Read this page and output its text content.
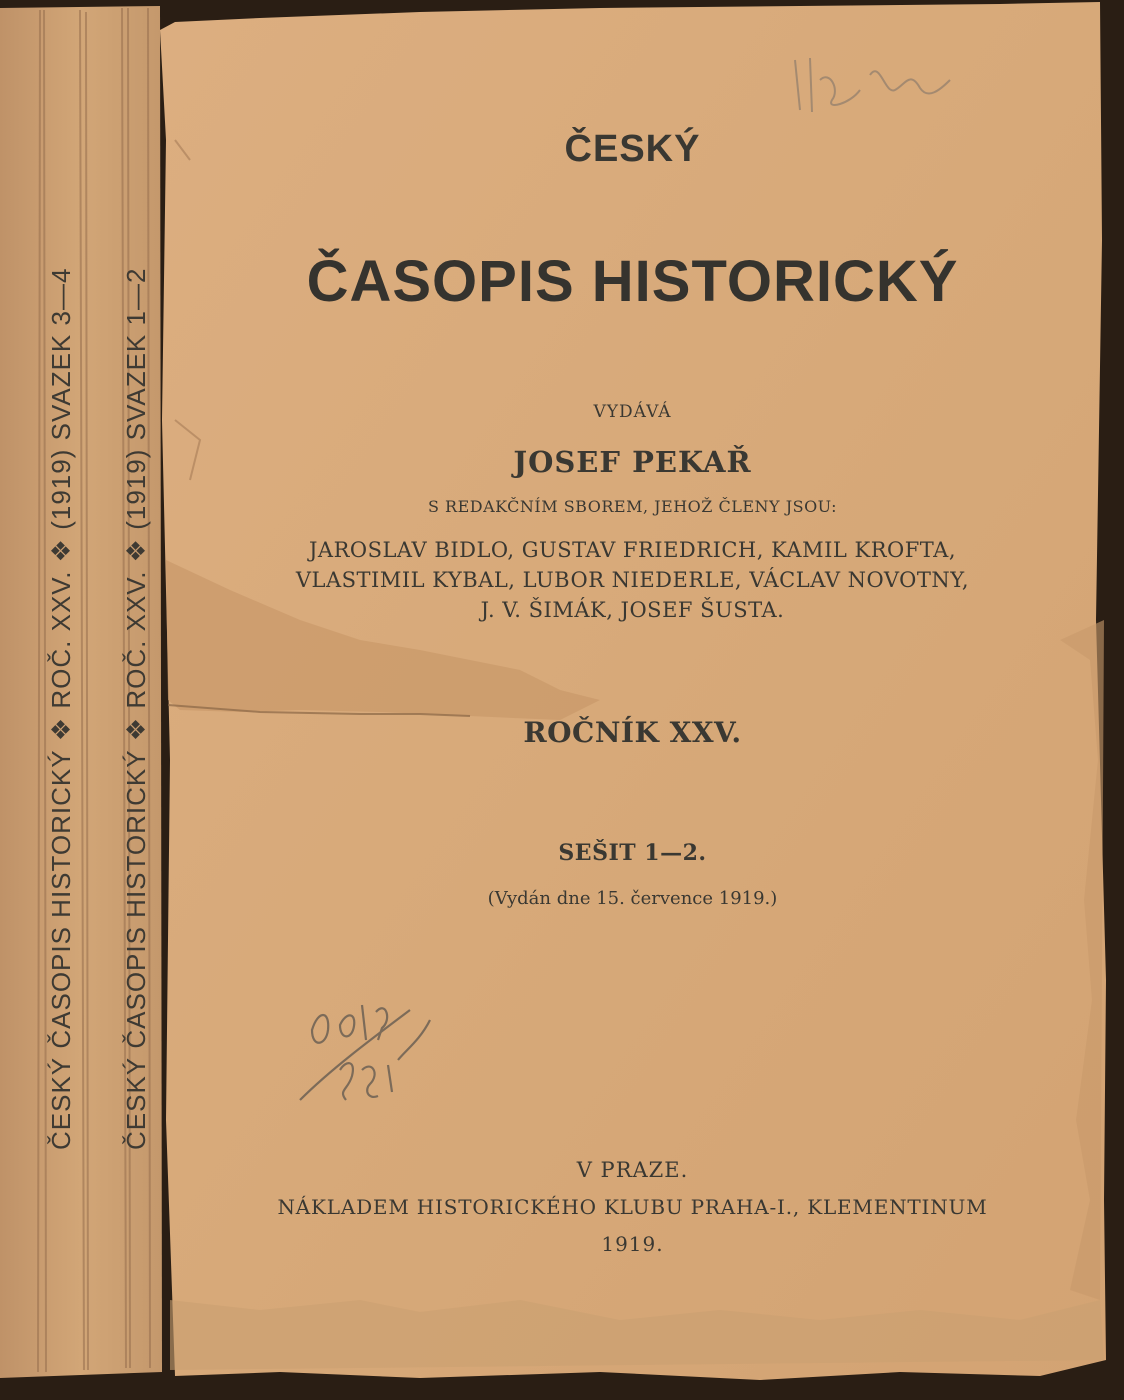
ČESKÝ ČASOPIS HISTORICKÝ ❖ ROČ. XXV. ❖ (1919) SVAZEK 3—4 ČESKÝ ČASOPIS HISTORICKÝ ❖ ROČ. XXV. ❖ (1919) SVAZEK 1—2
ČESKÝ
ČASOPIS HISTORICKÝ
VYDÁVÁ
JOSEF PEKAŘ
S REDAKČNÍM SBOREM, JEHOŽ ČLENY JSOU:
JAROSLAV BIDLO, GUSTAV FRIEDRICH, KAMIL KROFTA,
VLASTIMIL KYBAL, LUBOR NIEDERLE, VÁCLAV NOVOTNY,
J. V. ŠIMÁK, JOSEF ŠUSTA.
ROČNÍK XXV.
SEŠIT 1—2.
(Vydán dne 15. července 1919.)
V PRAZE.
NÁKLADEM HISTORICKÉHO KLUBU PRAHA-I., KLEMENTINUM
1919.
